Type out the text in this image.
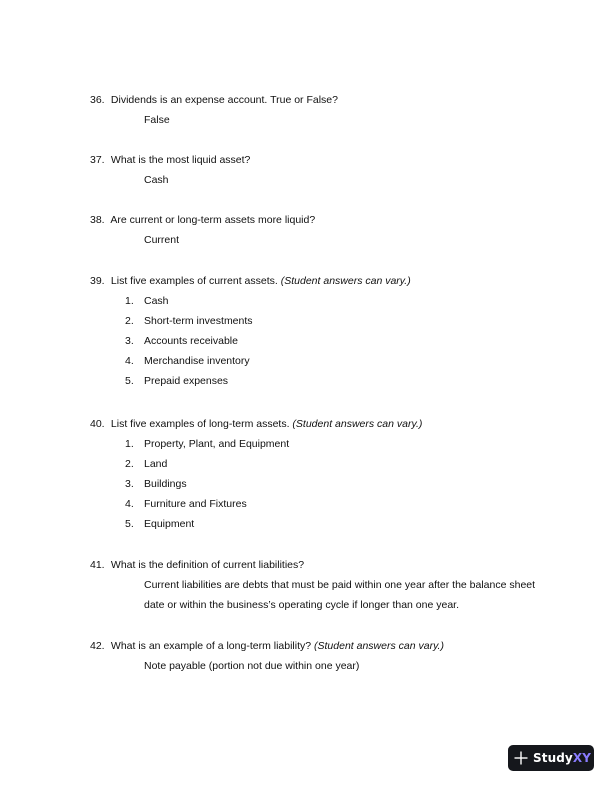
36. Dividends is an expense account. True or False?
False
37. What is the most liquid asset?
Cash
38. Are current or long-term assets more liquid?
Current
39. List five examples of current assets. (Student answers can vary.)
1. Cash
2. Short-term investments
3. Accounts receivable
4. Merchandise inventory
5. Prepaid expenses
40. List five examples of long-term assets. (Student answers can vary.)
1. Property, Plant, and Equipment
2. Land
3. Buildings
4. Furniture and Fixtures
5. Equipment
41. What is the definition of current liabilities?
Current liabilities are debts that must be paid within one year after the balance sheet
date or within the business’s operating cycle if longer than one year.
42. What is an example of a long-term liability? (Student answers can vary.)
Note payable (portion not due within one year)
StudyXY
